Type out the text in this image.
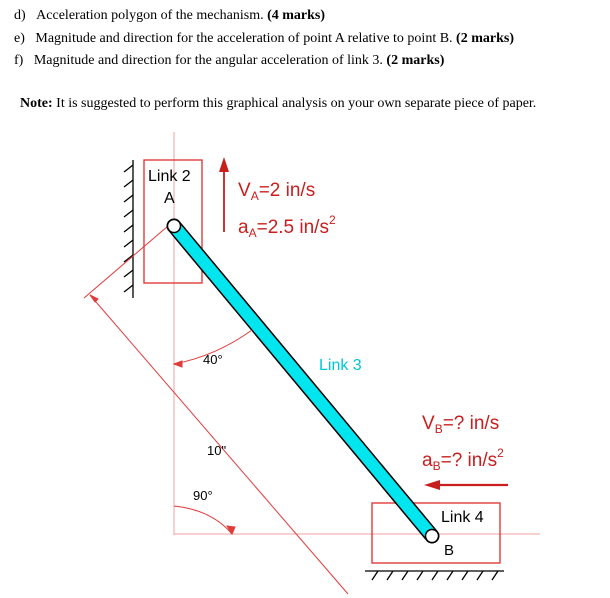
d) Acceleration polygon of the mechanism. (4 marks)
e) Magnitude and direction for the acceleration of point A relative to point B. (2 marks)
f) Magnitude and direction for the angular acceleration of link 3. (2 marks)
Note: It is suggested to perform this graphical analysis on your own separate piece of paper.
Link 2
A	$V_A=2$ in/s
$a_A=2.5$ $in/s^2$
Link 3
$V_B=$? in/s
$a_B=$? $in/s^2$
Link 4
B
40°
10"
90°
